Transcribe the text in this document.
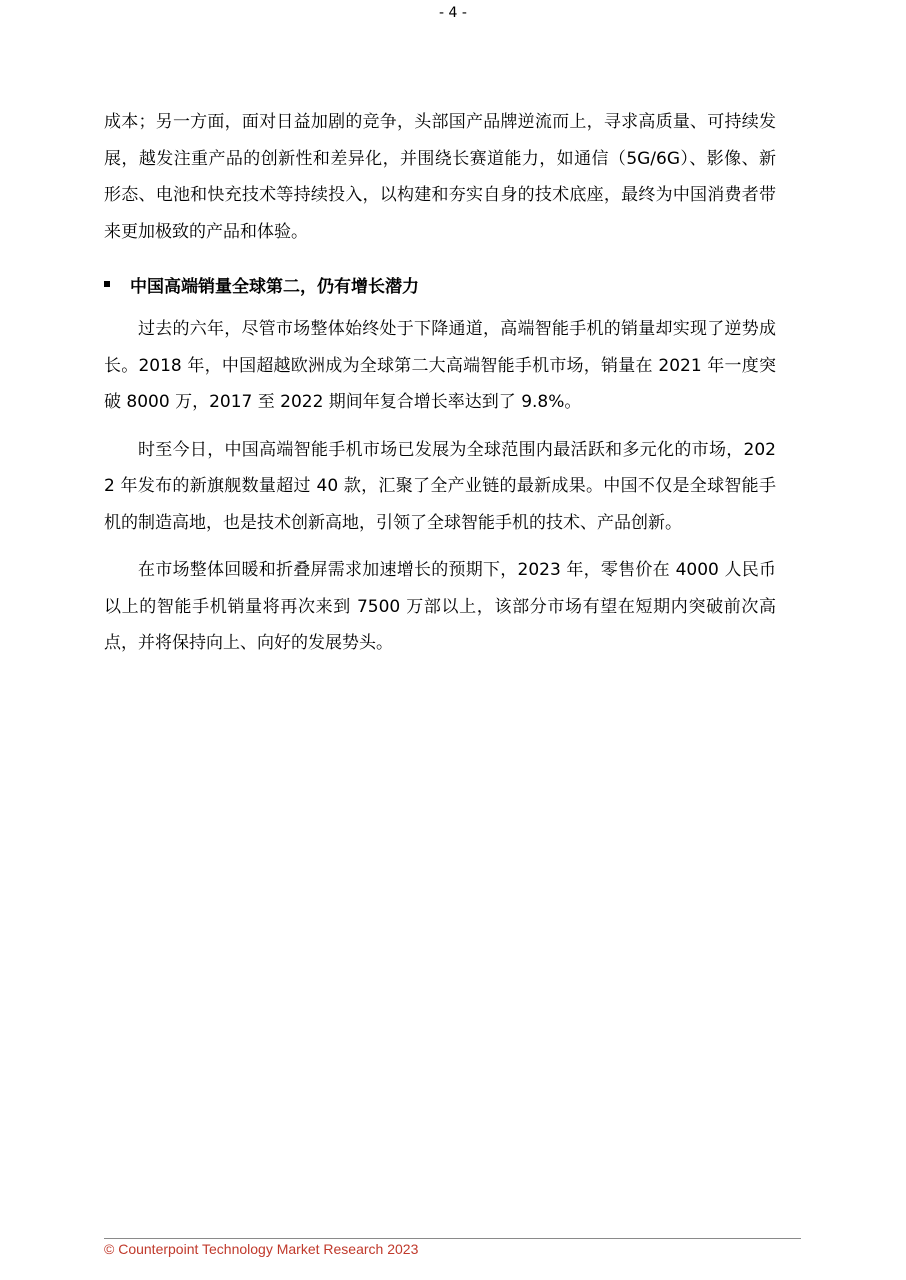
- 4 -

成本；另一方面，面对日益加剧的竞争，头部国产品牌逆流而上，寻求高质量、可持续发展，越发注重产品的创新性和差异化，并围绕长赛道能力，如通信（5G/6G）、影像、新形态、电池和快充技术等持续投入，以构建和夯实自身的技术底座，最终为中国消费者带来更加极致的产品和体验。

中国高端销量全球第二，仍有增长潜力

过去的六年，尽管市场整体始终处于下降通道，高端智能手机的销量却实现了逆势成长。2018 年，中国超越欧洲成为全球第二大高端智能手机市场，销量在 2021 年一度突破 8000 万，2017 至 2022 期间年复合增长率达到了 9.8%。

时至今日，中国高端智能手机市场已发展为全球范围内最活跃和多元化的市场，2022 年发布的新旗舰数量超过 40 款，汇聚了全产业链的最新成果。中国不仅是全球智能手机的制造高地，也是技术创新高地，引领了全球智能手机的技术、产品创新。

在市场整体回暖和折叠屏需求加速增长的预期下，2023 年，零售价在 4000 人民币以上的智能手机销量将再次来到 7500 万部以上，该部分市场有望在短期内突破前次高点，并将保持向上、向好的发展势头。

© Counterpoint Technology Market Research 2023
